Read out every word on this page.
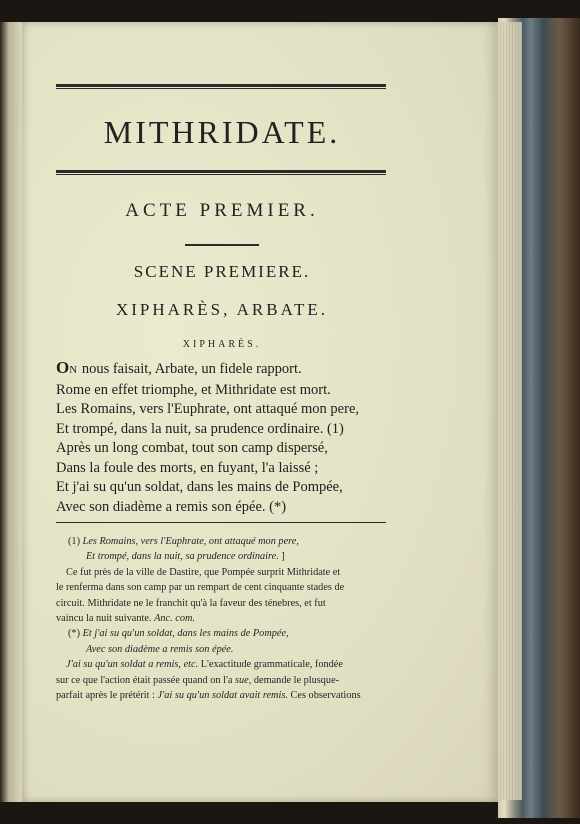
MITHRIDATE.
ACTE PREMIER.
SCENE PREMIERE.
XIPHARÈS, ARBATE.
XIPHARÈS.
ON nous faisait, Arbate, un fidele rapport.
Rome en effet triomphe, et Mithridate est mort.
Les Romains, vers l'Euphrate, ont attaqué mon pere,
Et trompé, dans la nuit, sa prudence ordinaire. (1)
Après un long combat, tout son camp dispersé,
Dans la foule des morts, en fuyant, l'a laissé ;
Et j'ai su qu'un soldat, dans les mains de Pompée,
Avec son diadème a remis son épée. (*)
(1) Les Romains, vers l'Euphrate, ont attaqué mon pere,
Et trompé, dans la nuit, sa prudence ordinaire. ]
Ce fut près de la ville de Dastire, que Pompée surprit Mithridate et
le renferma dans son camp par un rempart de cent cinquante stades de
circuit. Mithridate ne le franchit qu'à la faveur des ténebres, et fut
vaincu la nuit suivante. Anc. com.
(*) Et j'ai su qu'un soldat, dans les mains de Pompée,
Avec son diadème a remis son épée.
J'ai su qu'un soldat a remis, etc. L'exactitude grammaticale, fondée
sur ce que l'action était passée quand on l'a sue, demande le plusque-
parfait après le prétérit : J'ai su qu'un soldat avait remis. Ces observations
